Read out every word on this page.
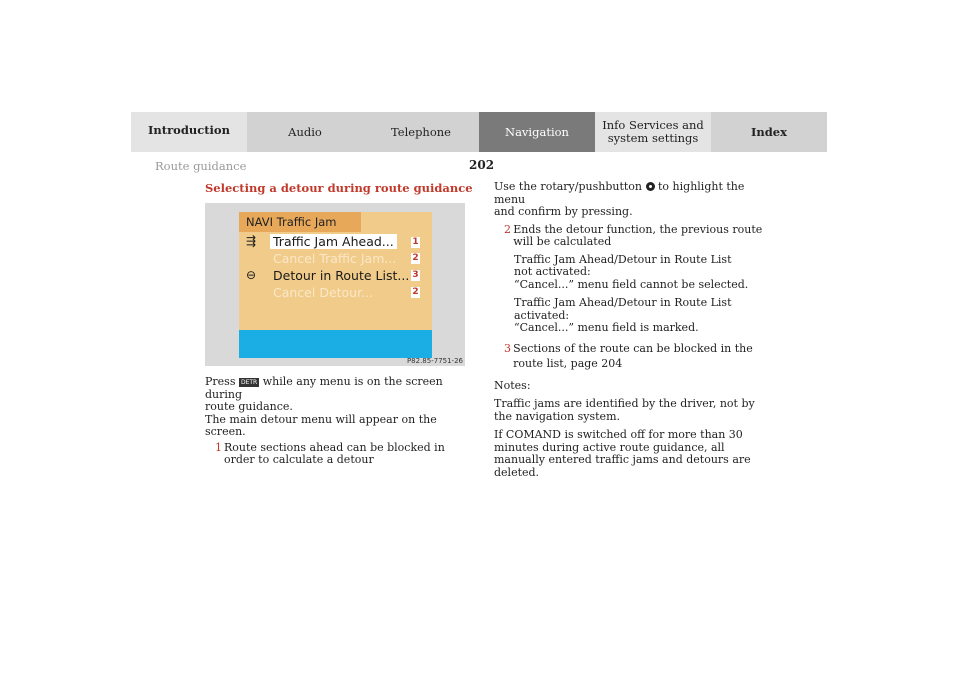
Introduction	Audio	Telephone	Navigation	Info Services and system settings	Index
202
Route guidance
Selecting a detour during route guidance
NAVI Traffic Jam
⇶	Traffic Jam Ahead...	1
Cancel Traffic Jam... 2
⊖	Detour in Route List... 3
Cancel Detour...	2
P82.85-7751-26

Press DETR while any menu is on the screen during

route guidance.

The main detour menu will appear on the screen.

1 Route sections ahead can be blocked in order to calculate a detour

Use the rotary/pushbutton to highlight the menu

and confirm by pressing.

2 Ends the detour function, the previous route will be calculated

Traffic Jam Ahead/Detour in Route List

not activated:

“Cancel...” menu field cannot be selected.

Traffic Jam Ahead/Detour in Route List activated:

“Cancel...” menu field is marked.

3 Sections of the route can be blocked in the route list, page 204

Notes:

Traffic jams are identified by the driver, not by the navigation system.

If COMAND is switched off for more than 30 minutes during active route guidance, all manually entered traffic jams and detours are deleted.
